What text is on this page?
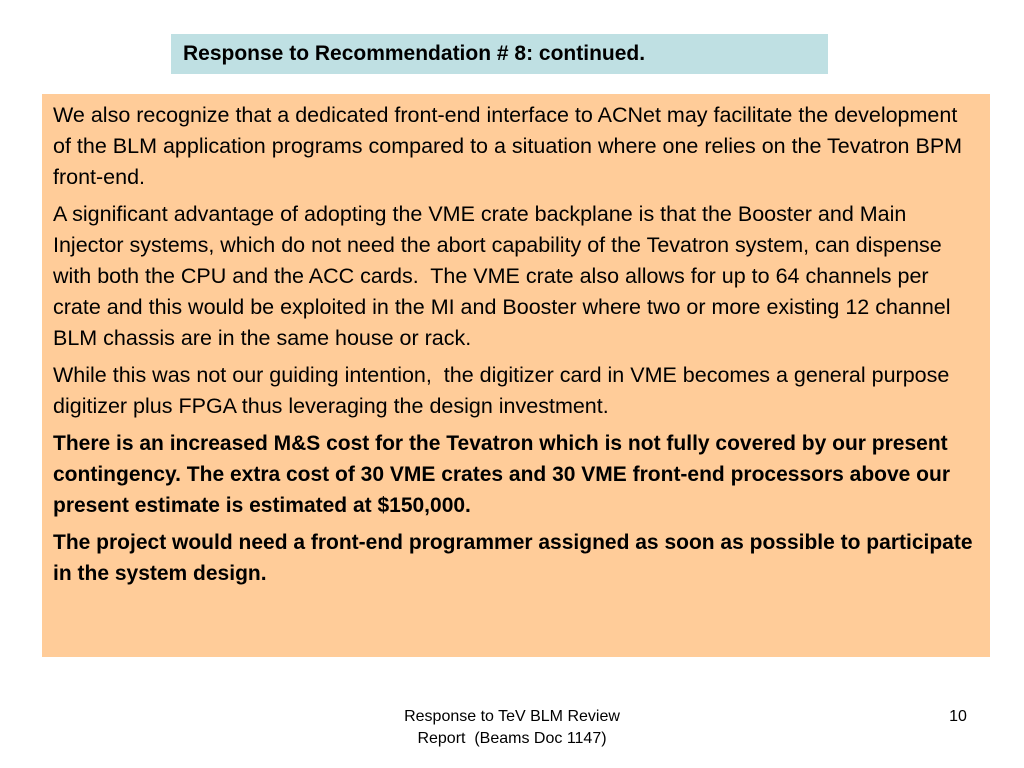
Response to Recommendation # 8: continued.

We also recognize that a dedicated front-end interface to ACNet may facilitate the development of the BLM application programs compared to a situation where one relies on the Tevatron BPM front-end.

A significant advantage of adopting the VME crate backplane is that the Booster and Main Injector systems, which do not need the abort capability of the Tevatron system, can dispense with both the CPU and the ACC cards.  The VME crate also allows for up to 64 channels per crate and this would be exploited in the MI and Booster where two or more existing 12 channel BLM chassis are in the same house or rack.

While this was not our guiding intention,  the digitizer card in VME becomes a general purpose digitizer plus FPGA thus leveraging the design investment.

There is an increased M&S cost for the Tevatron which is not fully covered by our present contingency. The extra cost of 30 VME crates and 30 VME front-end processors above our present estimate is estimated at $150,000.

The project would need a front-end programmer assigned as soon as possible to participate in the system design.

Response to TeV BLM Review
Report  (Beams Doc 1147)
10
